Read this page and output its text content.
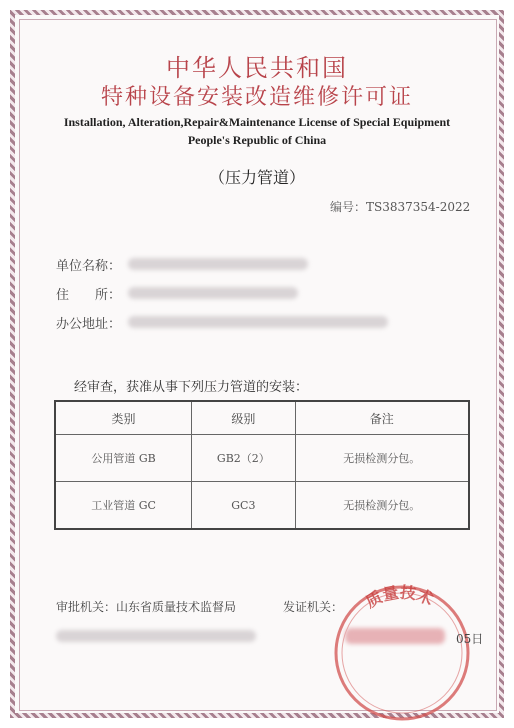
中华人民共和国
特种设备安装改造维修许可证
Installation, Alteration,Repair&Maintenance License of Special Equipment
People's Republic of China
（压力管道）
编号：TS3837354-2022
单位名称：
住　　所：
办公地址：
经审查，获准从事下列压力管道的安装：
类别	级别	备注
公用管道 GB	GB2（2）	无损检测分包。
工业管道 GC	GC3	无损检测分包。
审批机关：山东省质量技术监督局	发证机关： 质量技术
05日
